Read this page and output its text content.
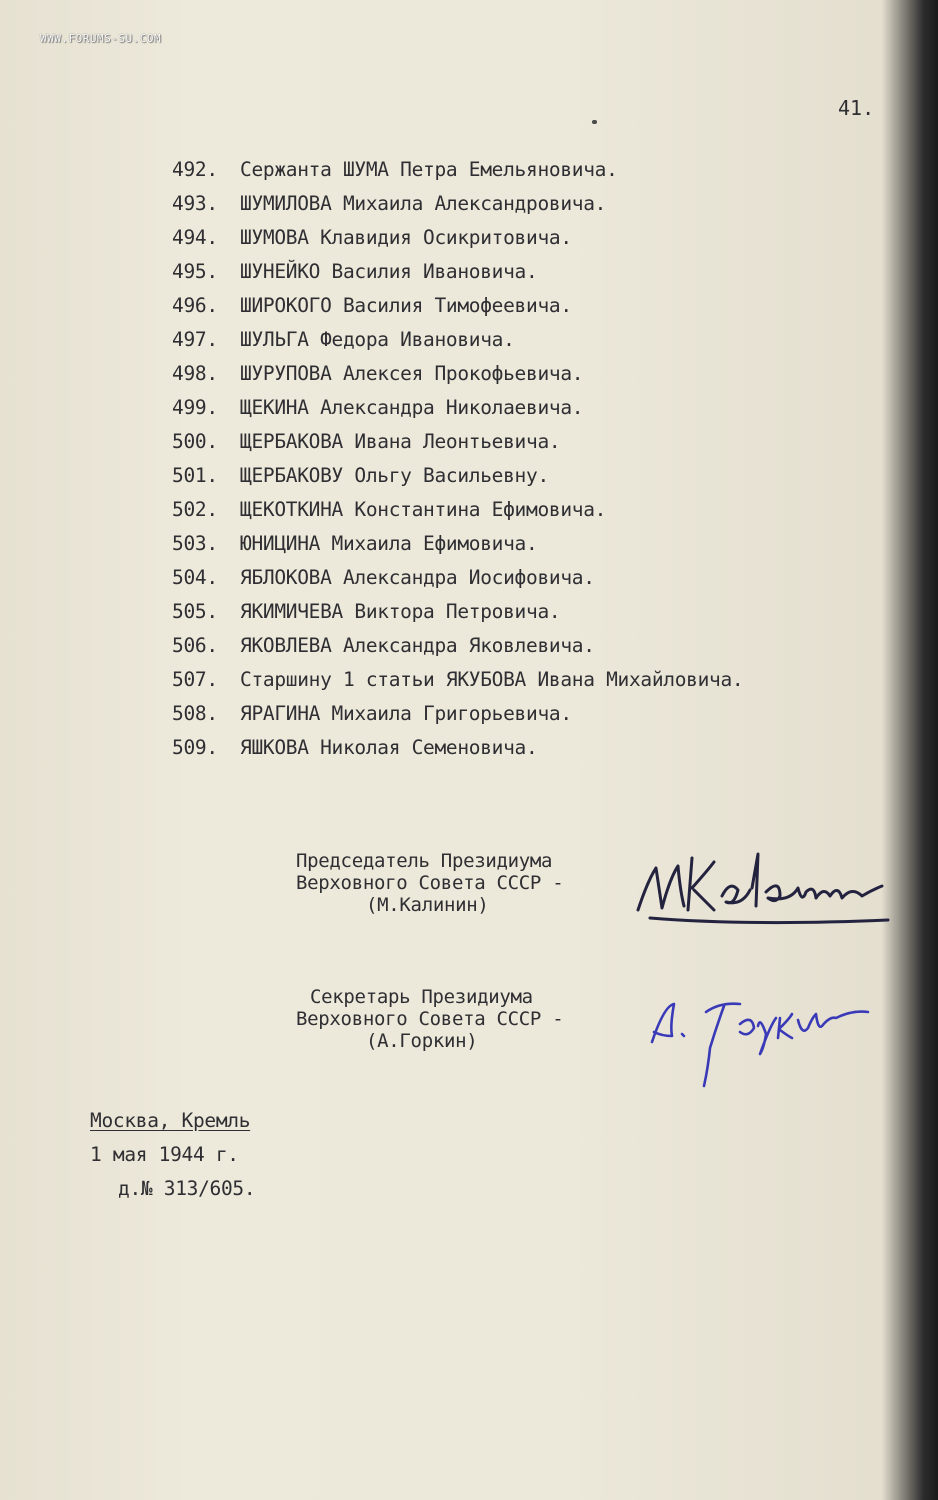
WWW.FORUMS-SU.COM
41.
492. Сержанта ШУМА Петра Емельяновича.
493. ШУМИЛОВА Михаила Александровича.
494. ШУМОВА Клавидия Осикритовича.
495. ШУНЕЙКО Василия Ивановича.
496. ШИРОКОГО Василия Тимофеевича.
497. ШУЛЬГА Федора Ивановича.
498. ШУРУПОВА Алексея Прокофьевича.
499. ЩЕКИНА Александра Николаевича.
500. ЩЕРБАКОВА Ивана Леонтьевича.
501. ЩЕРБАКОВУ Ольгу Васильевну.
502. ЩЕКОТКИНА Константина Ефимовича.
503. ЮНИЦИНА Михаила Ефимовича.
504. ЯБЛОКОВА Александра Иосифовича.
505. ЯКИМИЧЕВА Виктора Петровича.
506. ЯКОВЛЕВА Александра Яковлевича.
507. Старшину 1 статьи ЯКУБОВА Ивана Михайловича.
508. ЯРАГИНА Михаила Григорьевича.
509. ЯШКОВА Николая Семеновича.
Председатель Президиума
Верховного Совета СССР -
(М.Калинин)
Секретарь Президиума
Верховного Совета СССР -
(А.Горкин)
Москва, Кремль
1 мая 1944 г.
д.№ 313/605.
